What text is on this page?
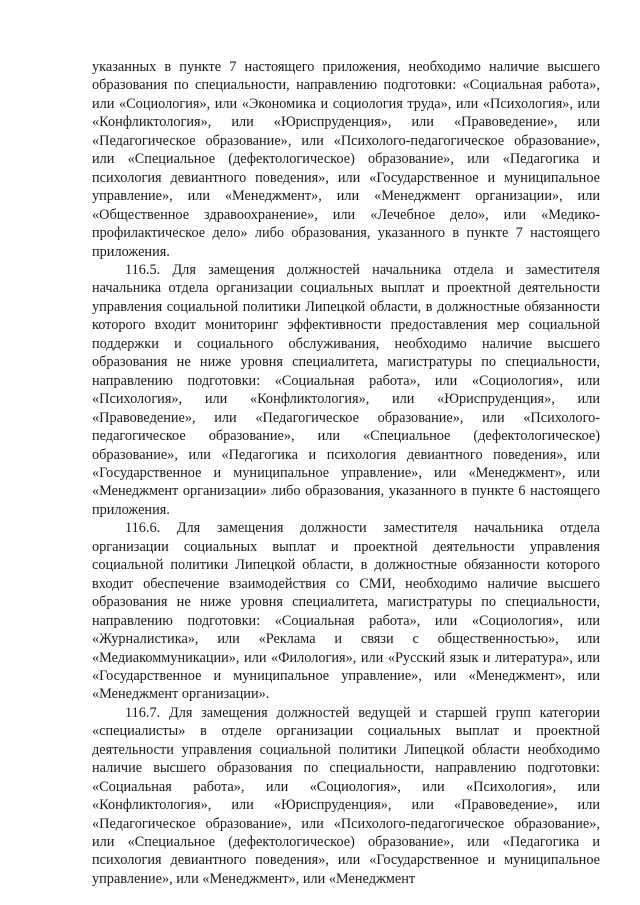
указанных в пункте 7 настоящего приложения, необходимо наличие высшего образования по специальности, направлению подготовки: «Социальная работа», или «Социология», или «Экономика и социология труда», или «Психология», или «Конфликтология», или «Юриспруденция», или «Правоведение», или «Педагогическое образование», или «Психолого-педагогическое образование», или «Специальное (дефектологическое) образование», или «Педагогика и психология девиантного поведения», или «Государственное и муниципальное управление», или «Менеджмент», или «Менеджмент организации», или «Общественное здравоохранение», или «Лечебное дело», или «Медико-профилактическое дело» либо образования, указанного в пункте 7 настоящего приложения.

116.5. Для замещения должностей начальника отдела и заместителя начальника отдела организации социальных выплат и проектной деятельности управления социальной политики Липецкой области, в должностные обязанности которого входит мониторинг эффективности предоставления мер социальной поддержки и социального обслуживания, необходимо наличие высшего образования не ниже уровня специалитета, магистратуры по специальности, направлению подготовки: «Социальная работа», или «Социология», или «Психология», или «Конфликтология», или «Юриспруденция», или «Правоведение», или «Педагогическое образование», или «Психолого-педагогическое образование», или «Специальное (дефектологическое) образование», или «Педагогика и психология девиантного поведения», или «Государственное и муниципальное управление», или «Менеджмент», или «Менеджмент организации» либо образования, указанного в пункте 6 настоящего приложения.

116.6. Для замещения должности заместителя начальника отдела организации социальных выплат и проектной деятельности управления социальной политики Липецкой области, в должностные обязанности которого входит обеспечение взаимодействия со СМИ, необходимо наличие высшего образования не ниже уровня специалитета, магистратуры по специальности, направлению подготовки: «Социальная работа», или «Социология», или «Журналистика», или «Реклама и связи с общественностью», или «Медиакоммуникации», или «Филология», или «Русский язык и литература», или «Государственное и муниципальное управление», или «Менеджмент», или «Менеджмент организации».

116.7. Для замещения должностей ведущей и старшей групп категории «специалисты» в отделе организации социальных выплат и проектной деятельности управления социальной политики Липецкой области необходимо наличие высшего образования по специальности, направлению подготовки: «Социальная работа», или «Социология», или «Психология», или «Конфликтология», или «Юриспруденция», или «Правоведение», или «Педагогическое образование», или «Психолого-педагогическое образование», или «Специальное (дефектологическое) образование», или «Педагогика и психология девиантного поведения», или «Государственное и муниципальное управление», или «Менеджмент», или «Менеджмент
